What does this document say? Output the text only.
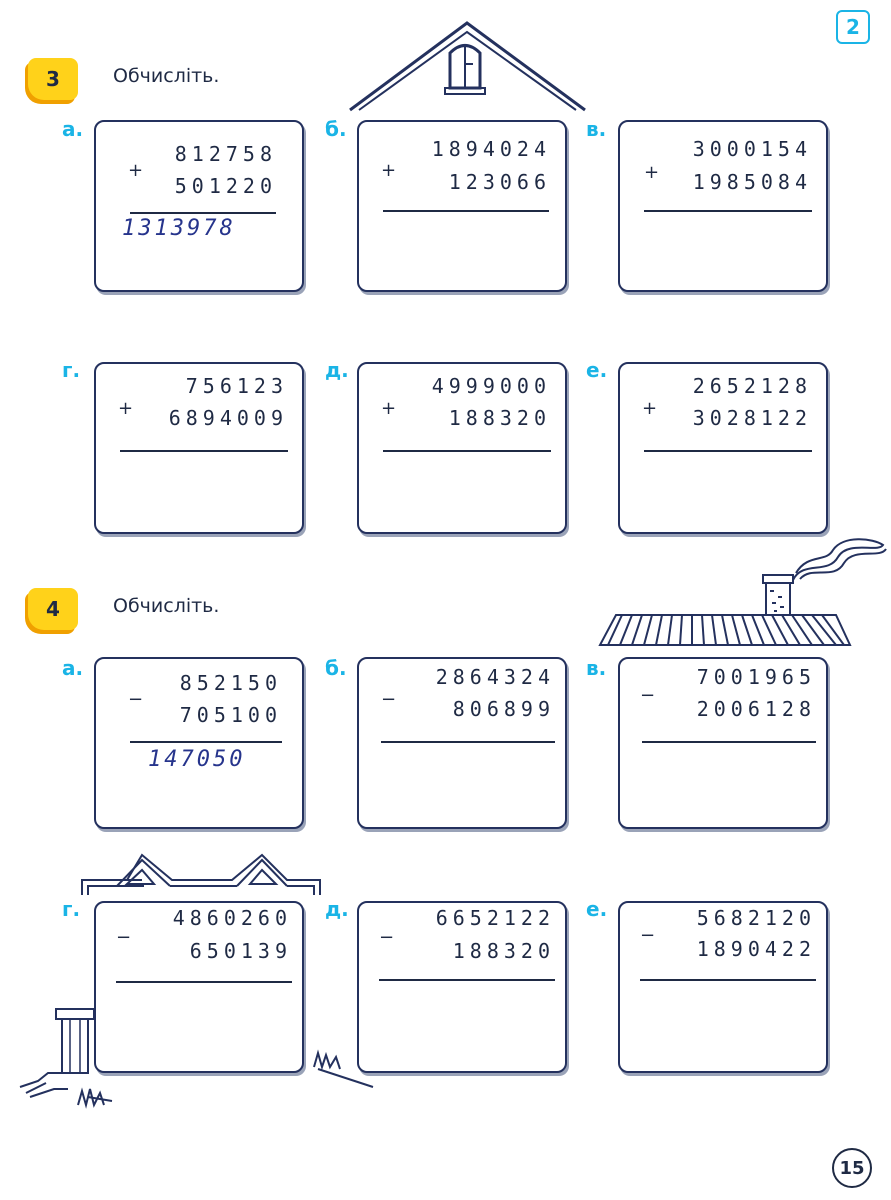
2
3	Обчисліть.
а.
812758
+
501220
1313978
б.
1894024
+	123066
в.
3000154
+ 1985084
г.
756123
+ 6894009
д.
4999000
+	188320
е.
2652128
+ 3028122
4	Обчисліть.
а.
852150
−
705100
147050
б.	2864324
−	806899
в.	7001965
−
2006128
г.	4860260
−
650139
д.	6652122
−
188320
е.	5682120
−
1890422
15
